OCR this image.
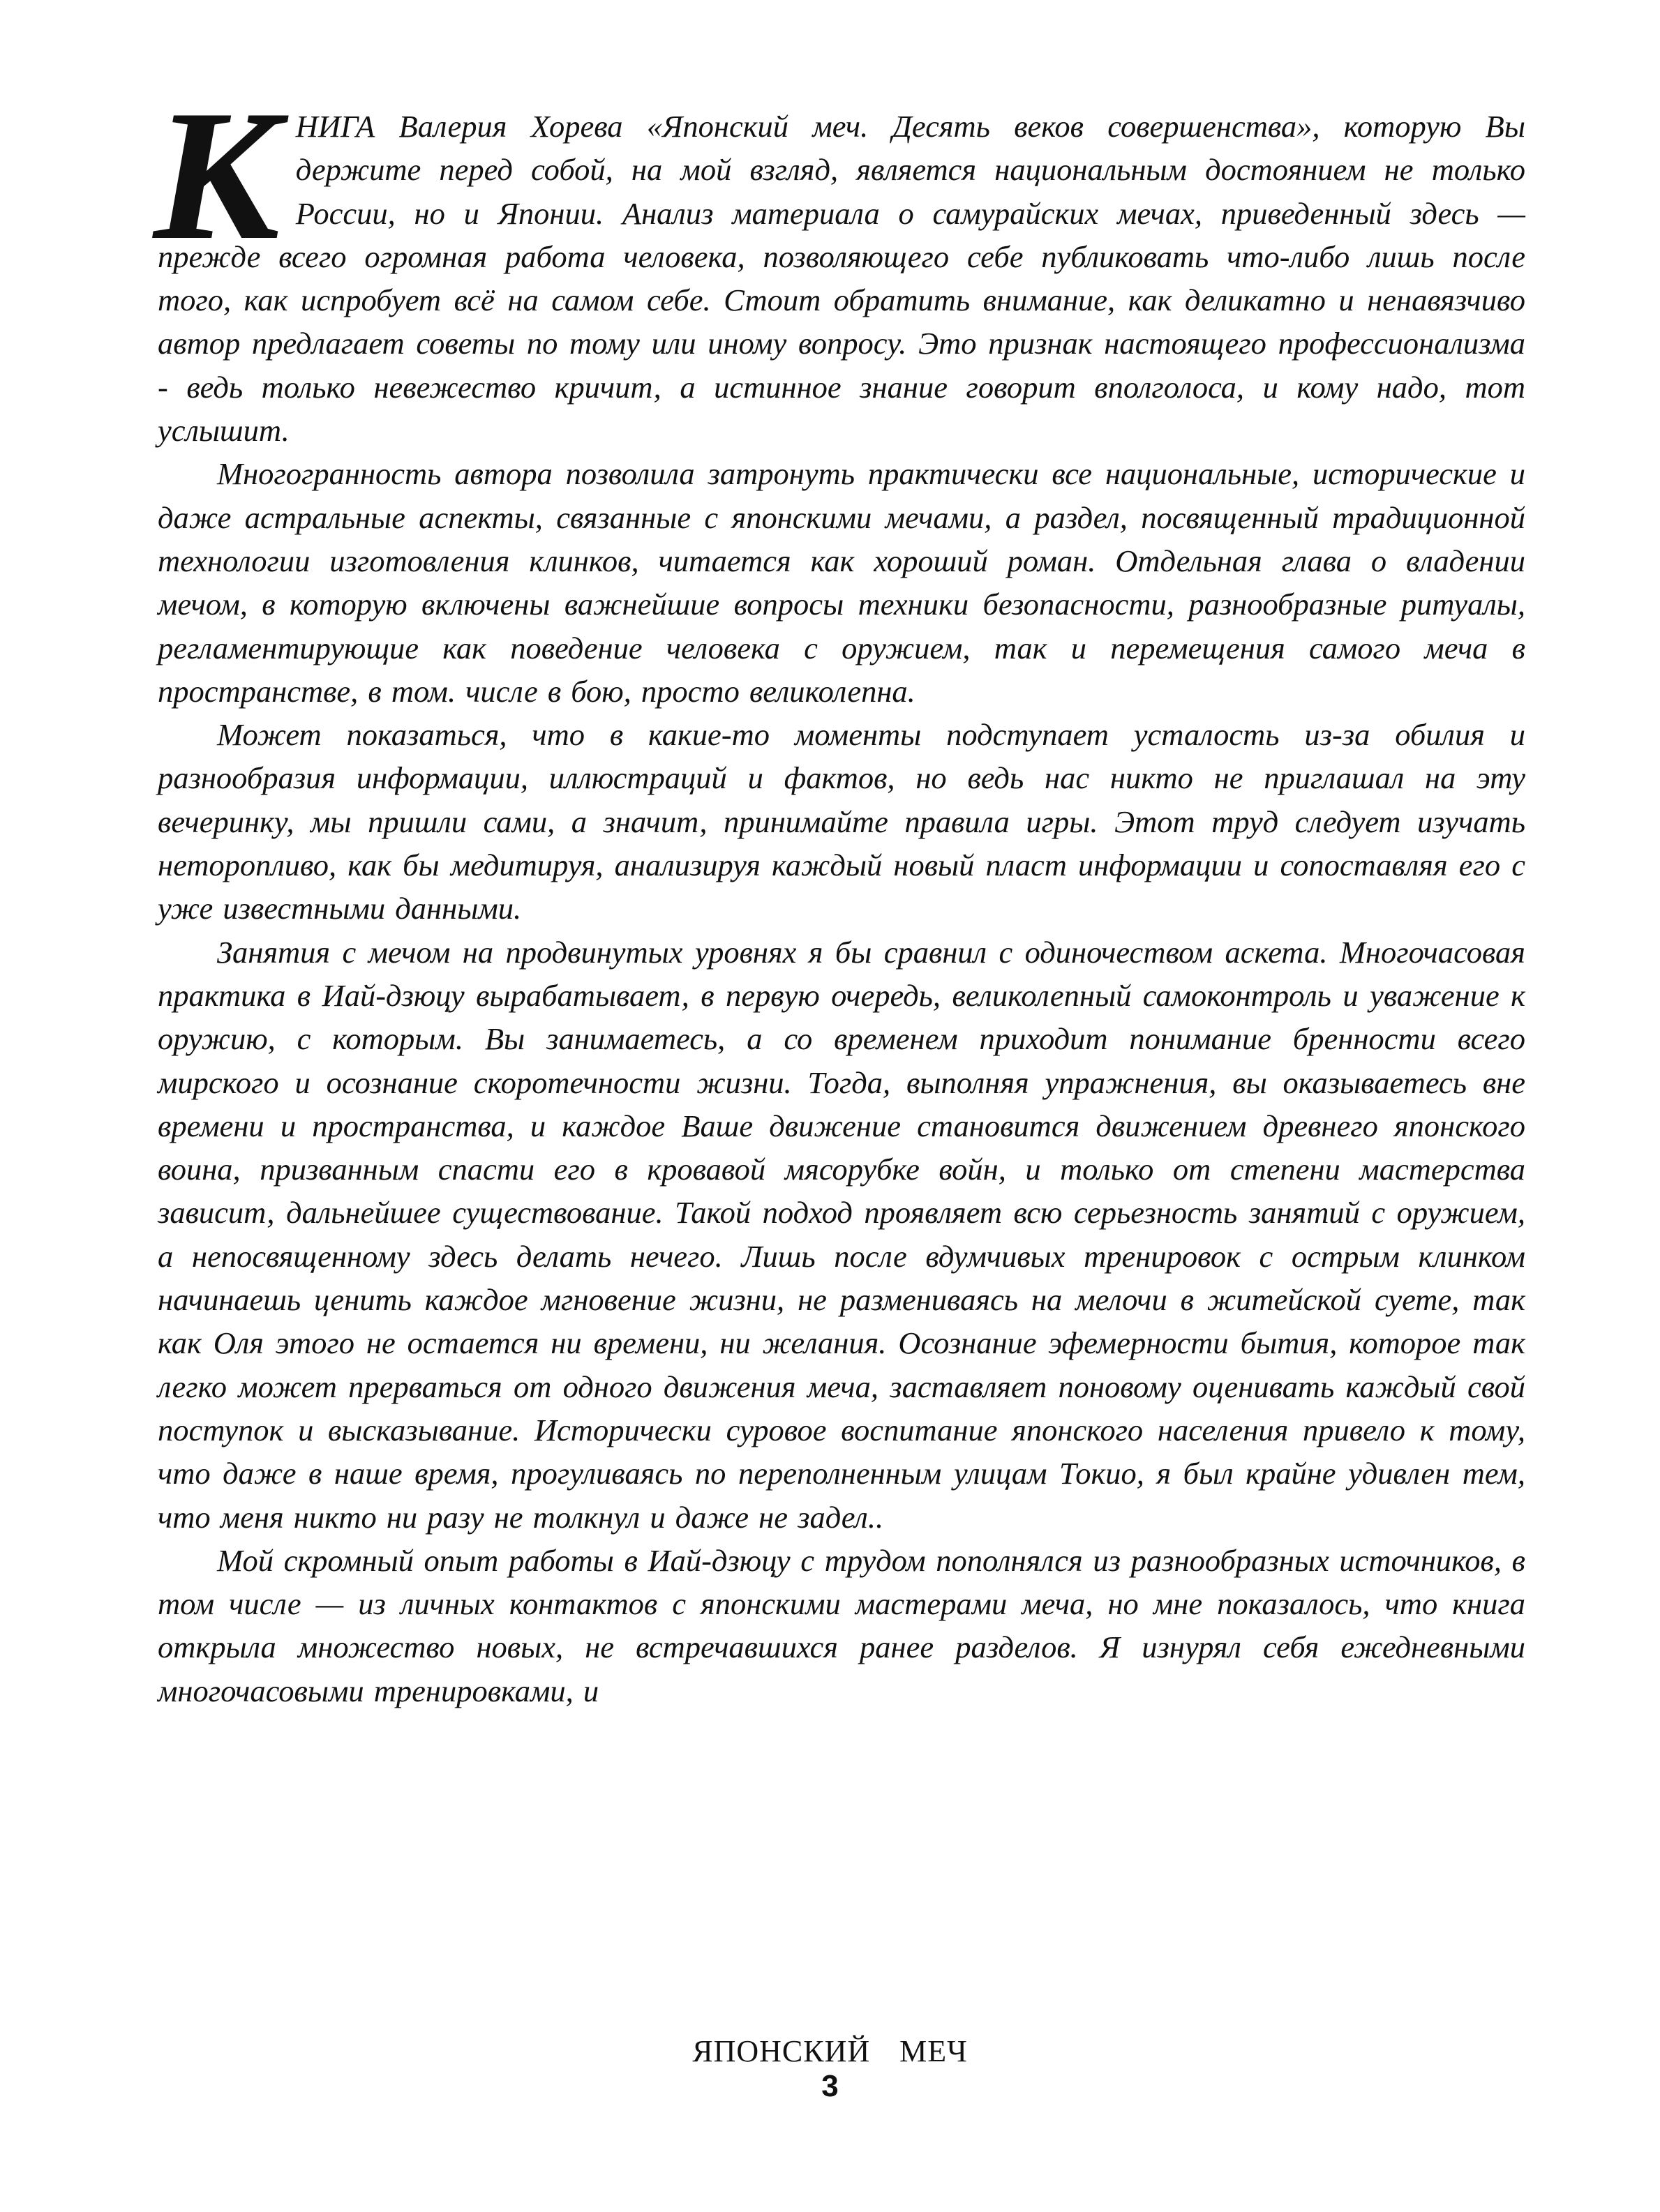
КНИГА Валерия Хорева «Японский меч. Десять веков совершенства», которую Вы держите перед собой, на мой взгляд, является национальным достоянием не только России, но и Японии. Анализ материала о самурайских мечах, приведенный здесь — прежде всего огромная работа человека, позволяющего себе публиковать что-либо лишь после того, как испробует всё на самом себе. Стоит обратить внимание, как деликатно и ненавязчиво автор предлагает советы по тому или иному вопросу. Это признак настоящего профессионализма - ведь только невежество кричит, а истинное знание говорит вполголоса, и кому надо, тот услышит.

Многогранность автора позволила затронуть практически все национальные, исторические и даже астральные аспекты, связанные с японскими мечами, а раздел, посвященный традиционной технологии изготовления клинков, читается как хороший роман. Отдельная глава о владении мечом, в которую включены важнейшие вопросы техники безопасности, разнообразные ритуалы, регламентирующие как поведение человека с оружием, так и перемещения самого меча в пространстве, в том. числе в бою, просто великолепна.

Может показаться, что в какие-то моменты подступает усталость из-за обилия и разнообразия информации, иллюстраций и фактов, но ведь нас никто не приглашал на эту вечеринку, мы пришли сами, а значит, принимайте правила игры. Этот труд следует изучать неторопливо, как бы медитируя, анализируя каждый новый пласт информации и сопоставляя его с уже известными данными.

Занятия с мечом на продвинутых уровнях я бы сравнил с одиночеством аскета. Многочасовая практика в Иай-дзюцу вырабатывает, в первую очередь, великолепный самоконтроль и уважение к оружию, с которым. Вы занимаетесь, а со временем приходит понимание бренности всего мирского и осознание скоротечности жизни. Тогда, выполняя упражнения, вы оказываетесь вне времени и пространства, и каждое Ваше движение становится движением древнего японского воина, призванным спасти его в кровавой мясорубке войн, и только от степени мастерства зависит, дальнейшее существование. Такой подход проявляет всю серьезность занятий с оружием, а непосвященному здесь делать нечего. Лишь после вдумчивых тренировок с острым клинком начинаешь ценить каждое мгновение жизни, не размениваясь на мелочи в житейской суете, так как Оля этого не остается ни времени, ни желания. Осознание эфемерности бытия, которое так легко может прерваться от одного движения меча, заставляет поновому оценивать каждый свой поступок и высказывание. Исторически суровое воспитание японского населения привело к тому, что даже в наше время, прогуливаясь по переполненным улицам Токио, я был крайне удивлен тем, что меня никто ни разу не толкнул и даже не задел..

Мой скромный опыт работы в Иай-дзюцу с трудом пополнялся из разнообразных источников, в том числе — из личных контактов с японскими мастерами меча, но мне показалось, что книга открыла множество новых, не встречавшихся ранее разделов. Я изнурял себя ежедневными многочасовыми тренировками, и

ЯПОНСКИЙ МЕЧ
3
